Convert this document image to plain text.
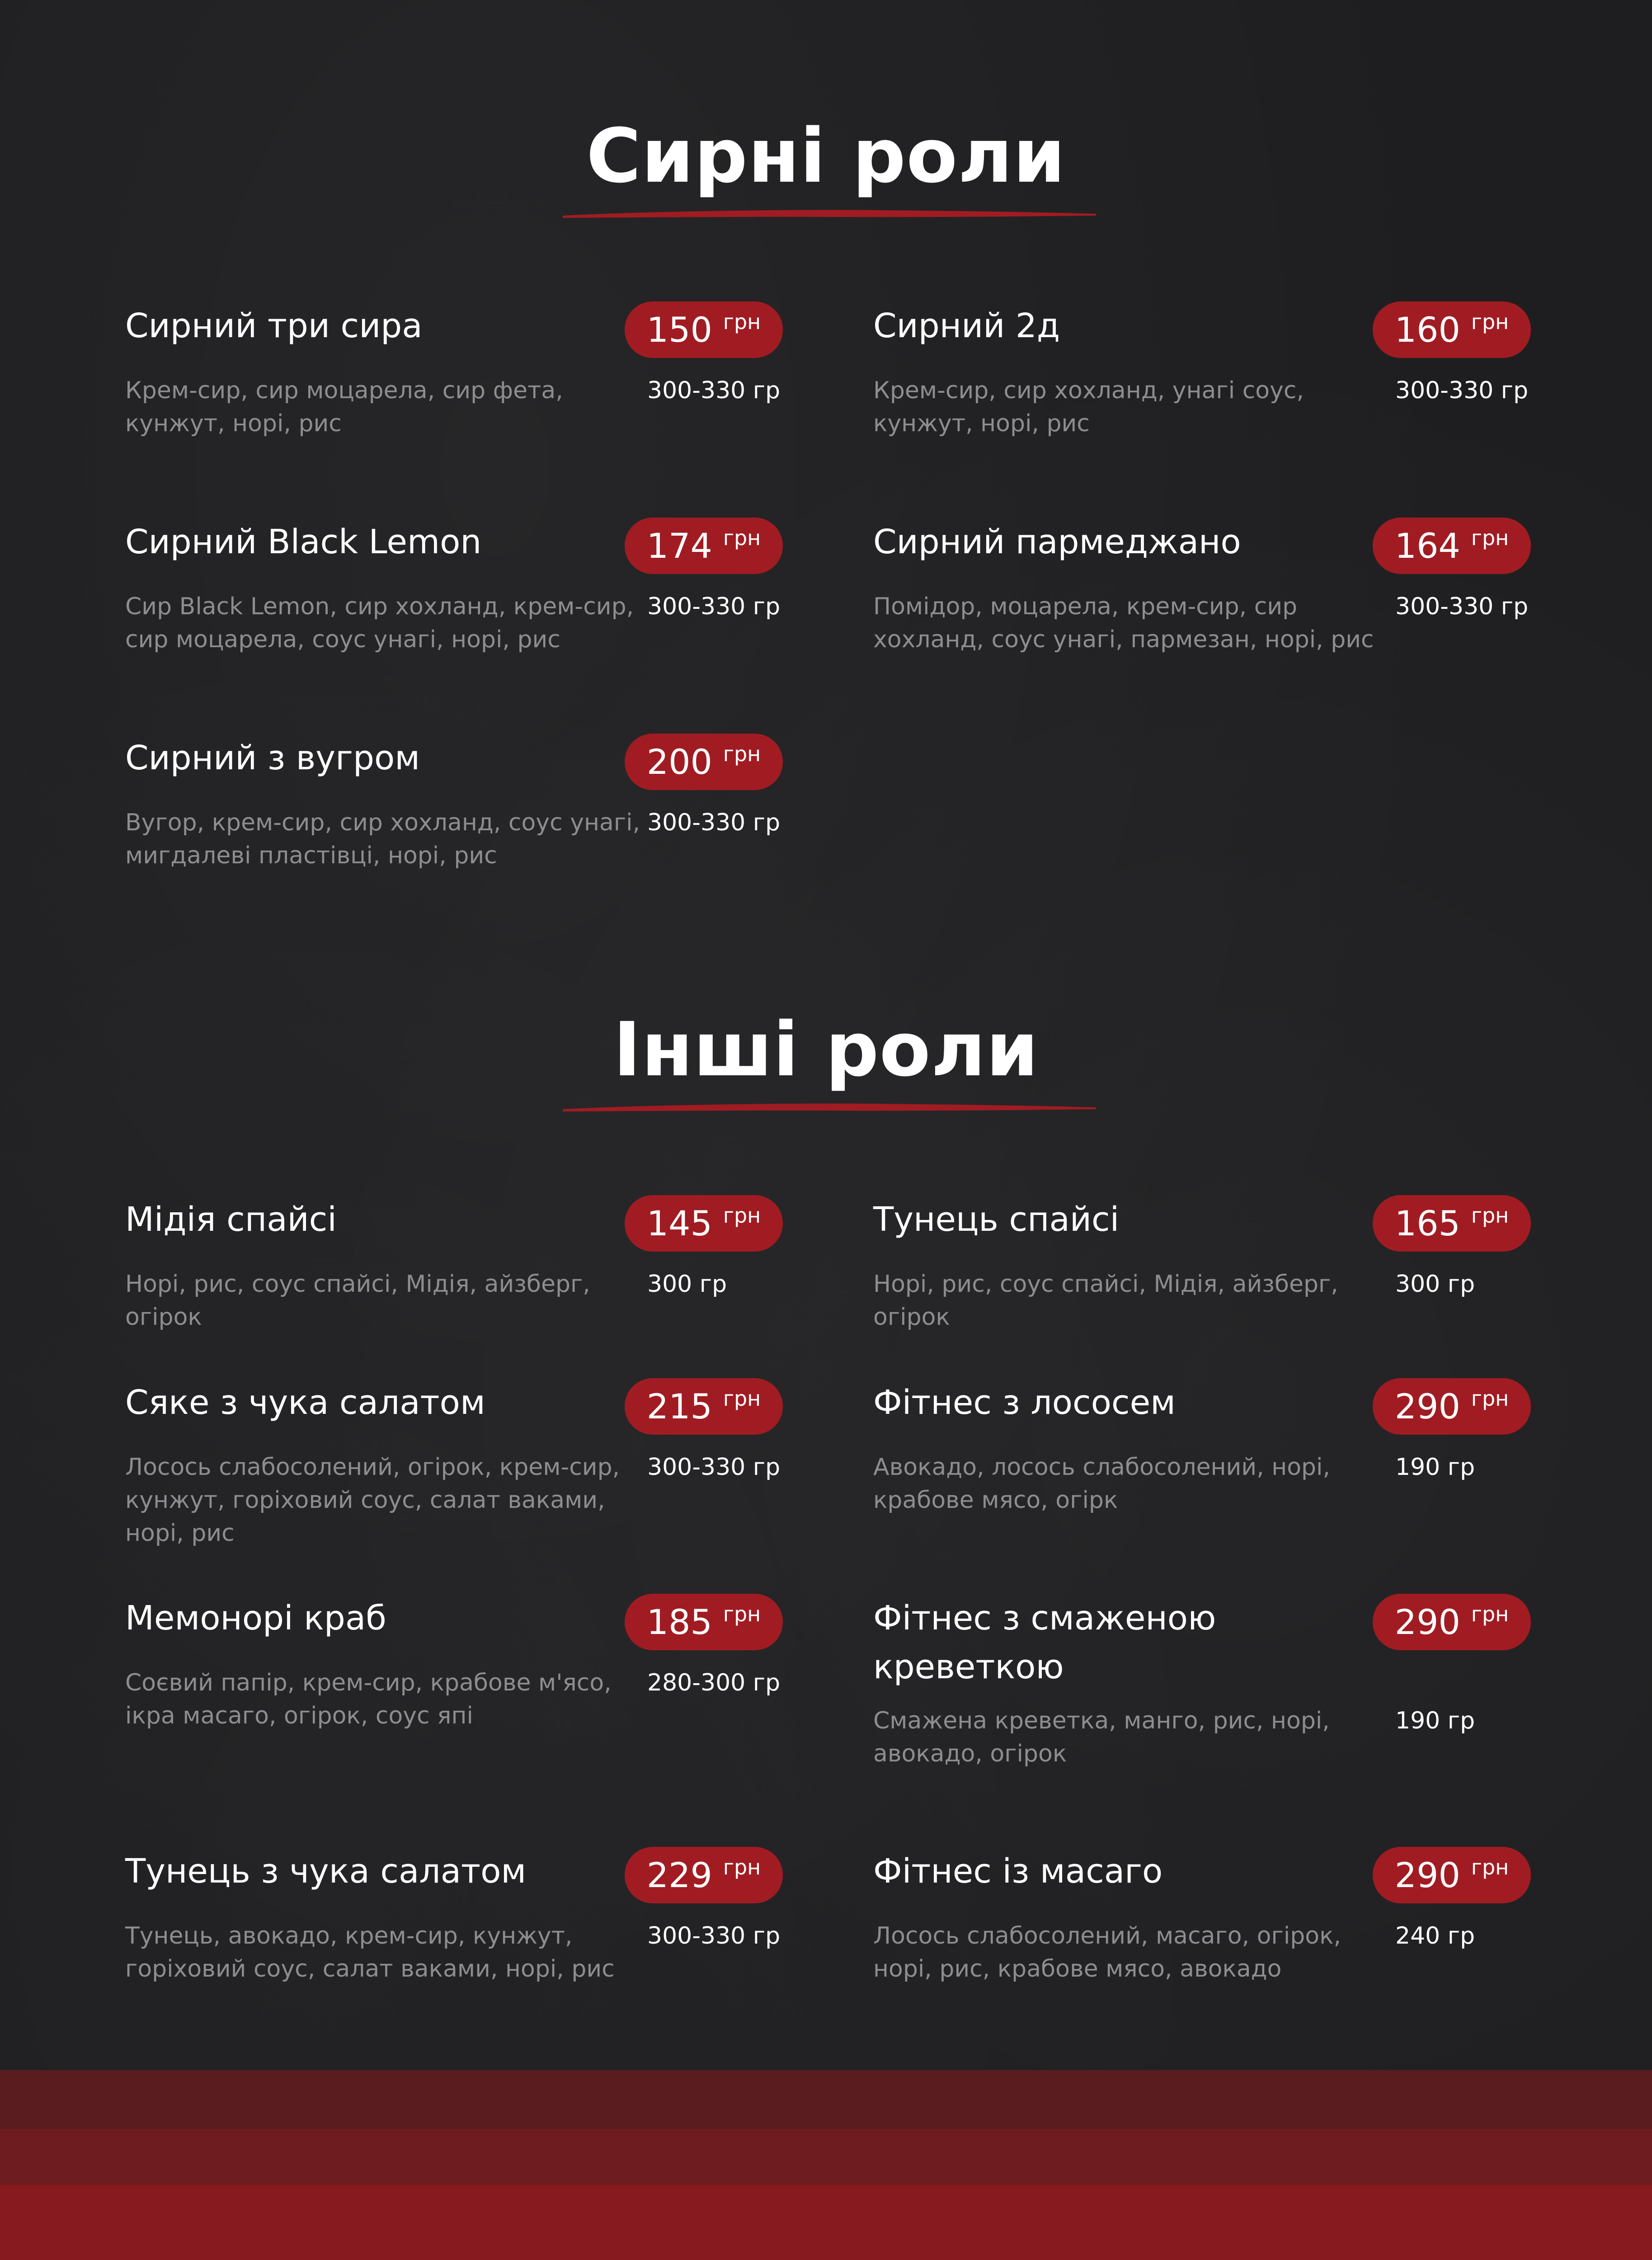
Сирні роли
Сирний три сира	150 грн
Крем-сир, сир моцарела, сир фета, кунжут, норі, рис
300-330 гр
Сирний 2д	160 грн
Крем-сир, сир хохланд, унагі соус, кунжут, норі, рис
300-330 гр
Сирний Black Lemon	174 грн
Сир Black Lemon, сир хохланд, крем-сир, сир моцарела, соус унагі, норі, рис
300-330 гр
Сирний пармеджано	164 грн
Помідор, моцарела, крем-сир, сир хохланд, соус унагі, пармезан, норі, рис
300-330 гр
Сирний з вугром	200 грн
Вугор, крем-сир, сир хохланд, соус унагі, мигдалеві пластівці, норі, рис
300-330 гр
Інші роли
Мідія спайсі	145 грн
Норі, рис, соус спайсі, Мідія, айзберг, огірок
300 гр
Тунець спайсі	165 грн
Норі, рис, соус спайсі, Мідія, айзберг, огірок
300 гр
Сяке з чука салатом	215 грн
Лосось слабосолений, огірок, крем-сир, кунжут, горіховий соус, салат ваками, норі, рис
300-330 гр
Фітнес з лососем	290 грн
Авокадо, лосось слабосолений, норі, крабове мясо, огірк
190 гр
Мемонорі краб	185 грн
Соєвий папір, крем-сир, крабове м'ясо, ікра масаго, огірок, соус япі
280-300 гр
Фітнес з смаженою креветкою
290 грн
Смажена креветка, манго, рис, норі, авокадо, огірок
190 гр
Тунець з чука салатом	229 грн
Тунець, авокадо, крем-сир, кунжут, горіховий соус, салат ваками, норі, рис
300-330 гр
Фітнес із масаго	290 грн
Лосось слабосолений, масаго, огірок, норі, рис, крабове мясо, авокадо
240 гр
